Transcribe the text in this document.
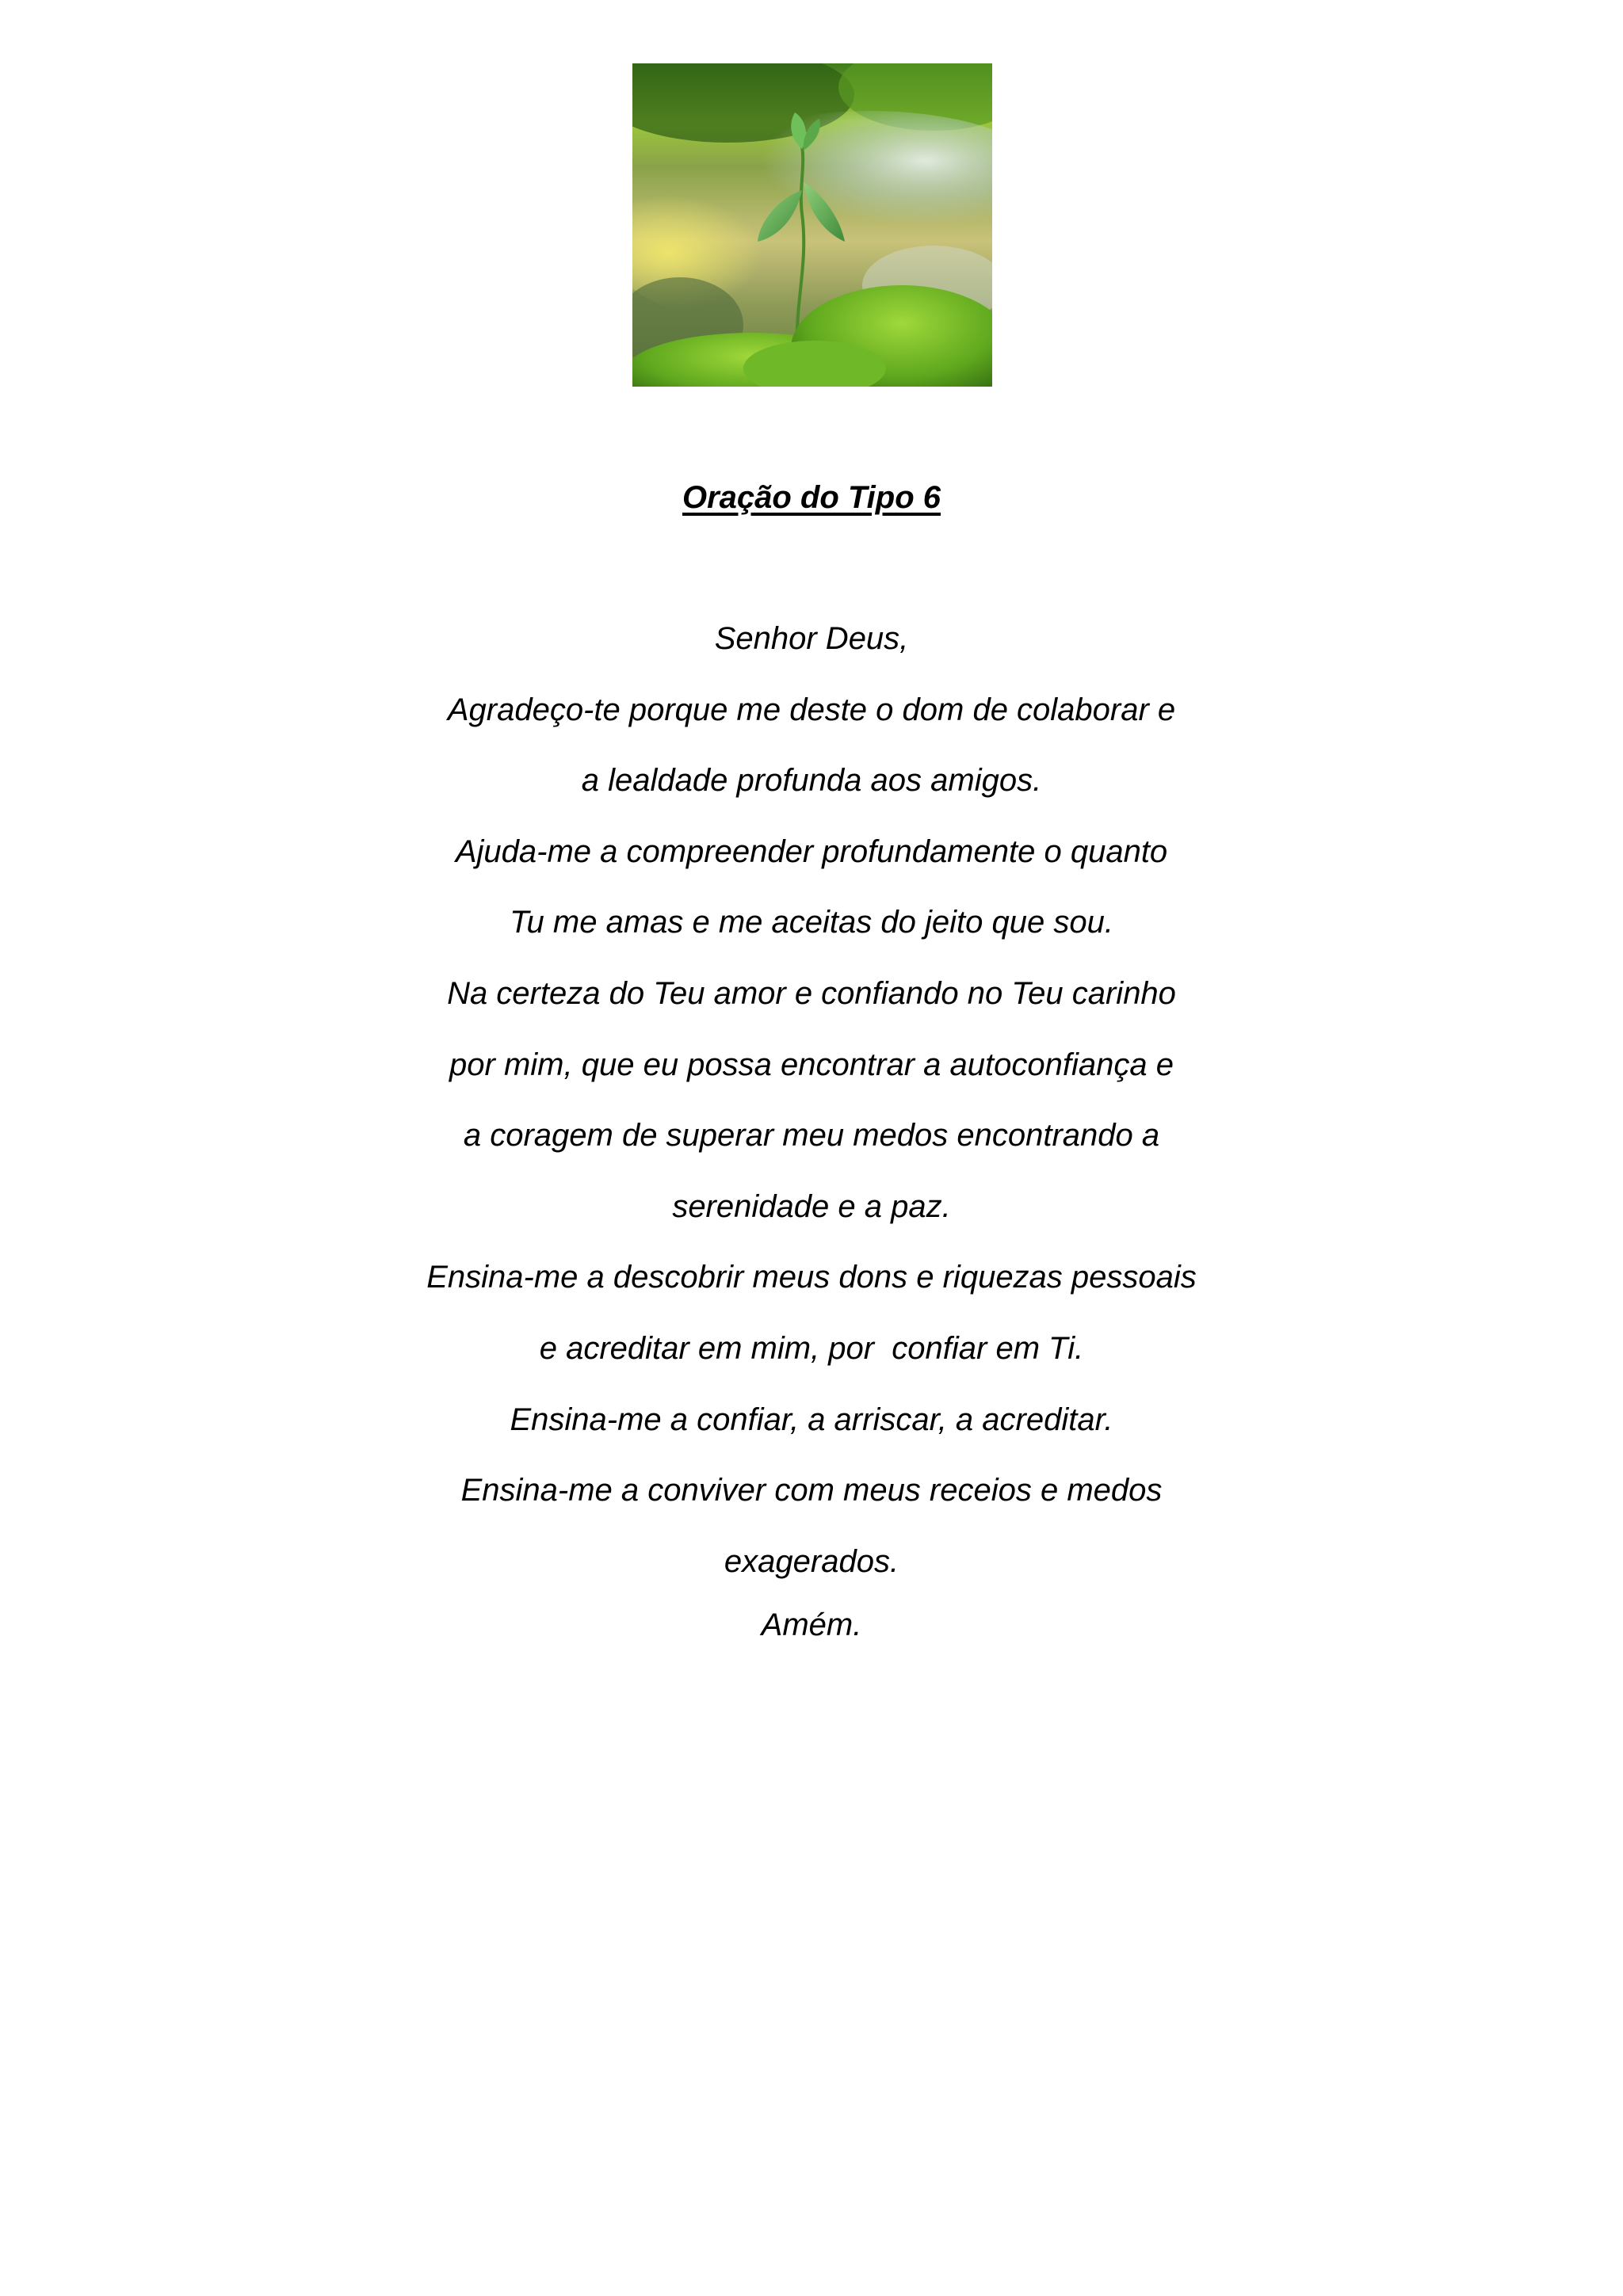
Oração do Tipo 6
Senhor Deus,
Agradeço-te porque me deste o dom de colaborar e
a lealdade profunda aos amigos.
Ajuda-me a compreender profundamente o quanto
Tu me amas e me aceitas do jeito que sou.
Na certeza do Teu amor e confiando no Teu carinho
por mim, que eu possa encontrar a autoconfiança e
a coragem de superar meu medos encontrando a
serenidade e a paz.
Ensina-me a descobrir meus dons e riquezas pessoais
e acreditar em mim, por  confiar em Ti.
Ensina-me a confiar, a arriscar, a acreditar.
Ensina-me a conviver com meus receios e medos
exagerados.
Amém.
